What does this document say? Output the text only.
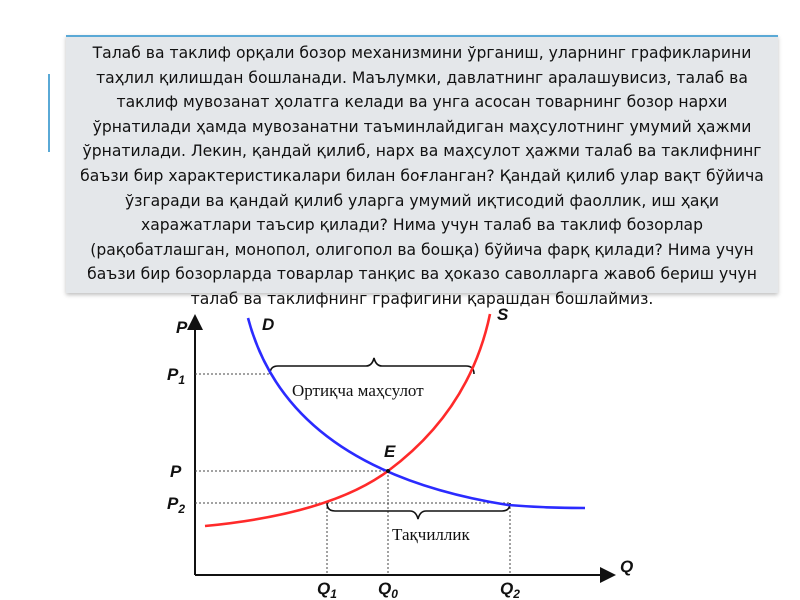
Талаб ва таклиф орқали бозор механизмини ўрганиш, уларнинг графикларини таҳлил қилишдан бошланади. Маълумки, давлатнинг аралашувисиз, талаб ва таклиф мувозанат ҳолатга келади ва унга асосан товарнинг бозор нархи ўрнатилади ҳамда мувозанатни таъминлайдиган маҳсулотнинг умумий ҳажми ўрнатилади. Лекин, қандай қилиб, нарх ва маҳсулот ҳажми талаб ва таклифнинг баъзи бир характеристикалари билан боғланган? Қандай қилиб улар вақт бўйича ўзгаради ва қандай қилиб уларга умумий иқтисодий фаоллик, иш ҳақи харажатлари таъсир қилади? Нима учун талаб ва таклиф бозорлар (рақобатлашган, монопол, олигопол ва бошқа) бўйича фарқ қилади? Нима учун баъзи бир бозорларда товарлар танқис ва ҳоказо саволларга жавоб бериш учун талаб ва таклифнинг графигини қарашдан бошлаймиз.

P
Q
D
S
E
$P_1$
P
$P_2$
$Q_1$ $Q_0$	$Q_2$
Ортиқча маҳсулот
Тақчиллик
